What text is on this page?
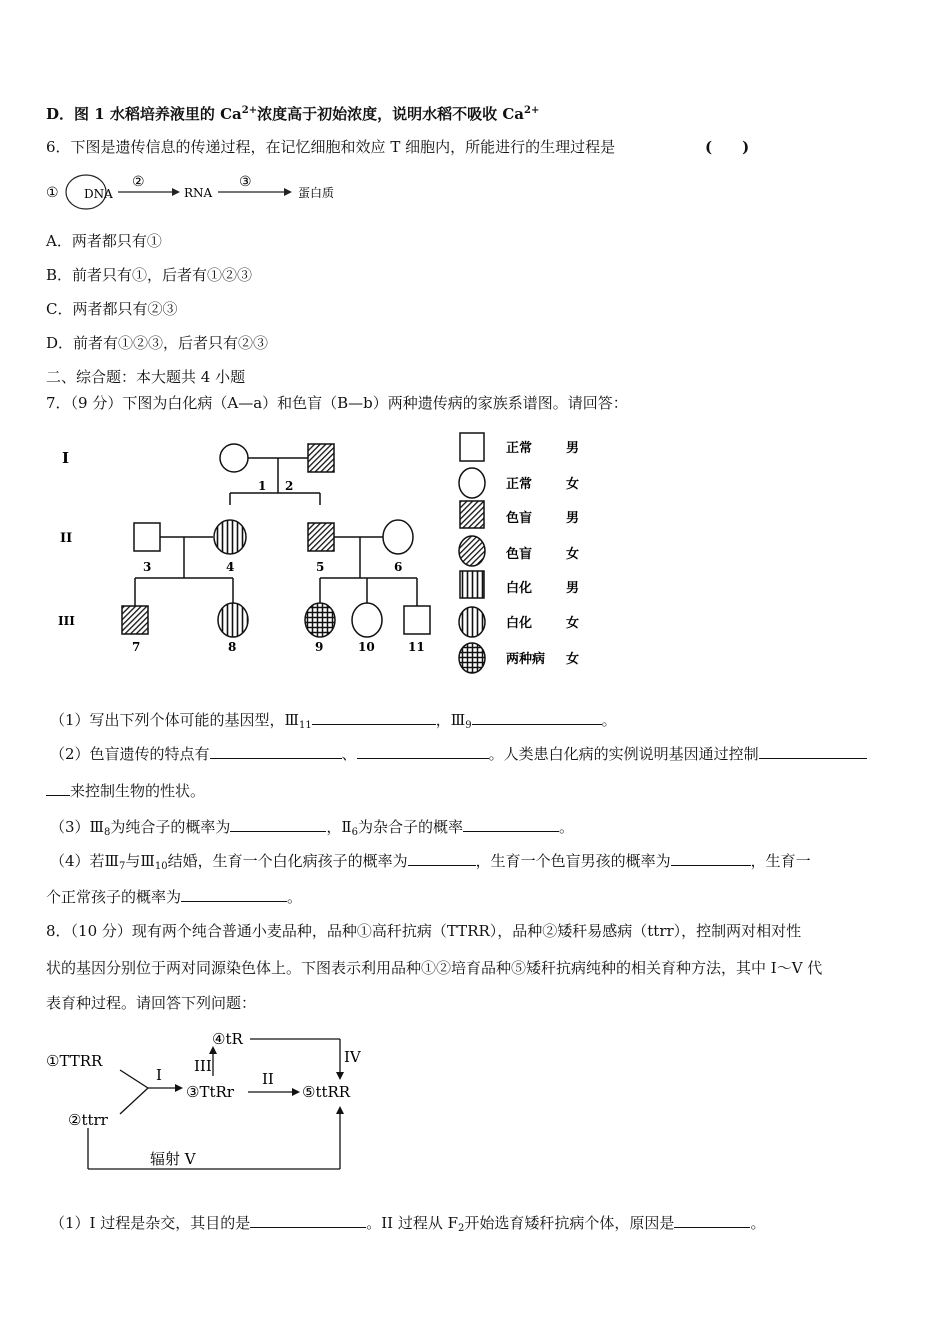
D．图 1 水稻培养液里的 $Ca^{2+}$浓度高于初始浓度，说明水稻不吸收 $Ca^{2+}$
6．下图是遗传信息的传递过程，在记忆细胞和效应 T 细胞内，所能进行的生理过程是	(　　)
① DNA
②
RNA
③
蛋白质
A．两者都只有①
B．前者只有①，后者有①②③
C．两者都只有②③
D．前者有①②③，后者只有②③
二、综合题：本大题共 4 小题
7．（9 分）下图为白化病（A—a）和色盲（B—b）两种遗传病的家族系谱图。请回答：
I
II
III
1 2
3	4	5	6
7	8	9	10	11
正常	男
正常	女
色盲	男
色盲	女
白化	男
白化	女
两种病 女
（1）写出下列个体可能的基因型，$Ⅲ_{11}$	，$Ⅲ_9$	。
（2）色盲遗传的特点有	、	。人类患白化病的实例说明基因通过控制
来控制生物的性状。
$(3)Ⅲ_8$为纯合子的概率为	，$Ⅱ_6$为杂合子的概率	。
（4）若$Ⅲ_7$与$Ⅲ_{10}$结婚，生育一个白化病孩子的概率为	，生育一个色盲男孩的概率为	，生育一
个正常孩子的概率为	。
8．（10 分）现有两个纯合普通小麦品种，品种①高秆抗病（TTRR），品种②矮秆易感病（ttrr），控制两对相对性
状的基因分别位于两对同源染色体上。下图表示利用品种①②培育品种⑤矮秆抗病纯种的相关育种方法，其中 I～V 代
表育种过程。请回答下列问题：
①TTRR
②ttrr
③TtRr
④tR
⑤ttRR
I	II
III	IV
辐射 V
（1）I 过程是杂交，其目的是	。II 过程从 $F_2$开始选育矮秆抗病个体，原因是	。
